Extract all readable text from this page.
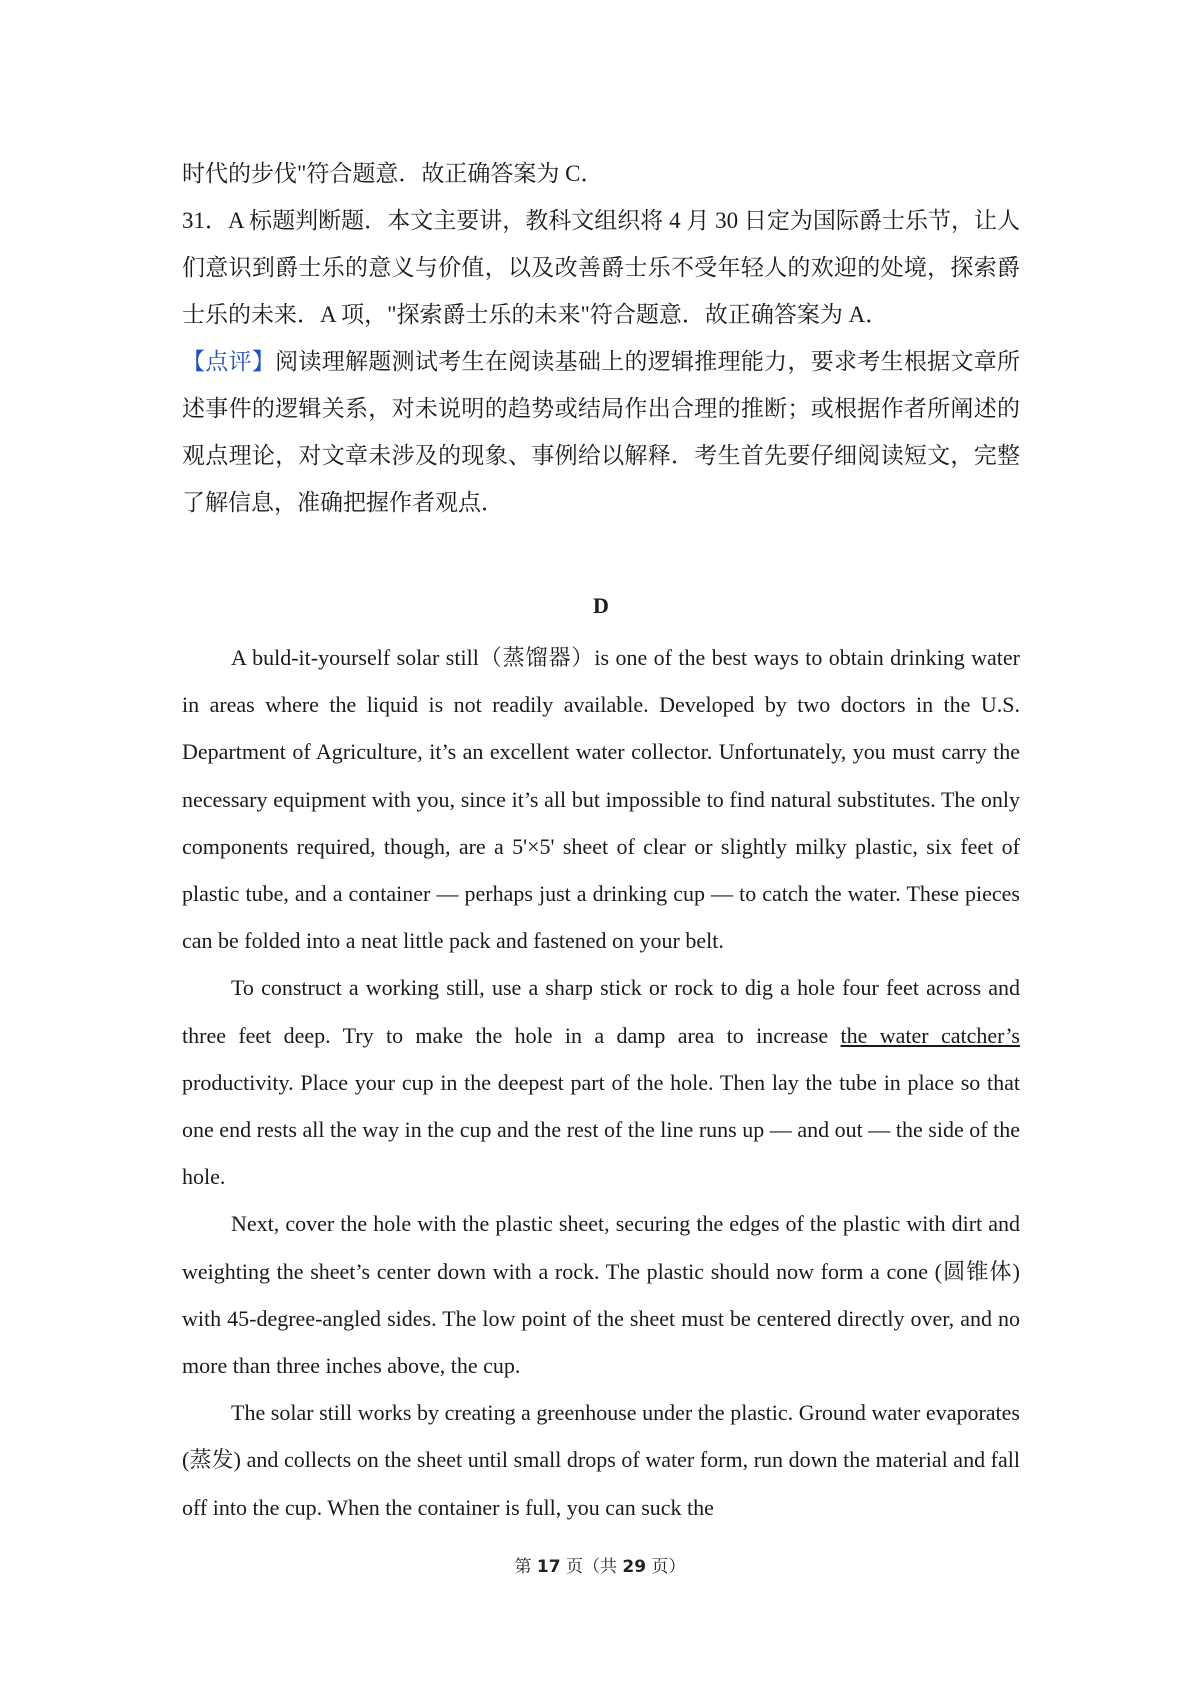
时代的步伐"符合题意．故正确答案为 C．

31．A 标题判断题．本文主要讲，教科文组织将 4 月 30 日定为国际爵士乐节，让人们意识到爵士乐的意义与价值，以及改善爵士乐不受年轻人的欢迎的处境，探索爵士乐的未来．A 项，"探索爵士乐的未来"符合题意．故正确答案为 A．

【点评】阅读理解题测试考生在阅读基础上的逻辑推理能力，要求考生根据文章所述事件的逻辑关系，对未说明的趋势或结局作出合理的推断；或根据作者所阐述的观点理论，对文章未涉及的现象、事例给以解释．考生首先要仔细阅读短文，完整了解信息，准确把握作者观点．

D

A buld-it-yourself solar still（蒸馏器）is one of the best ways to obtain drinking water in areas where the liquid is not readily available. Developed by two doctors in the U.S. Department of Agriculture, it’s an excellent water collector. Unfortunately, you must carry the necessary equipment with you, since it’s all but impossible to find natural substitutes. The only components required, though, are a 5'×5' sheet of clear or slightly milky plastic, six feet of plastic tube, and a container — perhaps just a drinking cup — to catch the water. These pieces can be folded into a neat little pack and fastened on your belt.

To construct a working still, use a sharp stick or rock to dig a hole four feet across and three feet deep. Try to make the hole in a damp area to increase the water catcher’s productivity. Place your cup in the deepest part of the hole. Then lay the tube in place so that one end rests all the way in the cup and the rest of the line runs up — and out — the side of the hole.

Next, cover the hole with the plastic sheet, securing the edges of the plastic with dirt and weighting the sheet’s center down with a rock. The plastic should now form a cone (圆锥体) with 45-degree-angled sides. The low point of the sheet must be centered directly over, and no more than three inches above, the cup.

The solar still works by creating a greenhouse under the plastic. Ground water evaporates (蒸发) and collects on the sheet until small drops of water form, run down the material and fall off into the cup. When the container is full, you can suck the

第 17 页（共 29 页）
